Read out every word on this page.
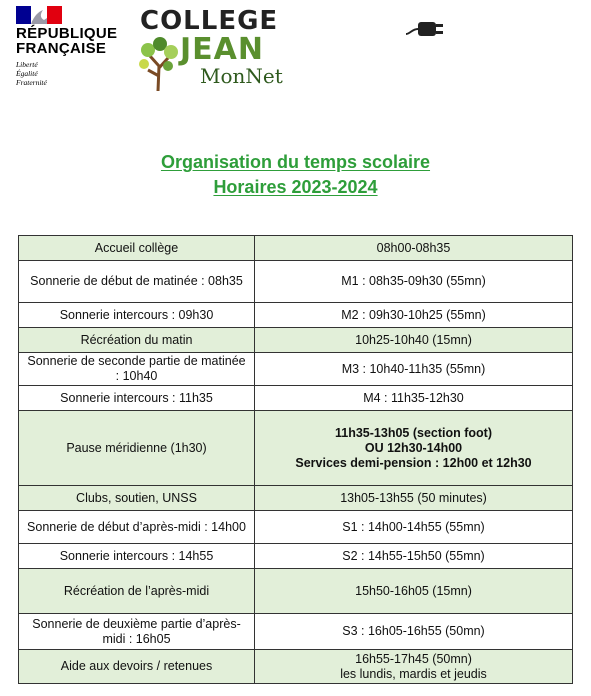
RÉPUBLIQUE
FRANÇAISE
Liberté
Égalité
Fraternité
COLLEGE
JEAN
MonNet
Organisation du temps scolaire
Horaires 2023-2024
Accueil collège	08h00-08h35

Sonnerie de début de matinée : 08h35	M1 : 08h35-09h30 (55mn)

Sonnerie intercours : 09h30	M2 : 09h30-10h25 (55mn)

Récréation du matin	10h25-10h40 (15mn)

Sonnerie de seconde partie de matinée : 10h40	M3 : 10h40-11h35 (55mn)

Sonnerie intercours : 11h35	M4 : 11h35-12h30

Pause méridienne (1h30)	11h35-13h05 (section foot)
OU 12h30-14h00
Services demi-pension : 12h00 et 12h30

Clubs, soutien, UNSS	13h05-13h55 (50 minutes)

Sonnerie de début d’après-midi : 14h00	S1 : 14h00-14h55 (55mn)

Sonnerie intercours : 14h55	S2 : 14h55-15h50 (55mn)

Récréation de l’après-midi	15h50-16h05 (15mn)

Sonnerie de deuxième partie d’après-midi : 16h05	S3 : 16h05-16h55 (50mn)

Aide aux devoirs / retenues	16h55-17h45 (50mn)
les lundis, mardis et jeudis
